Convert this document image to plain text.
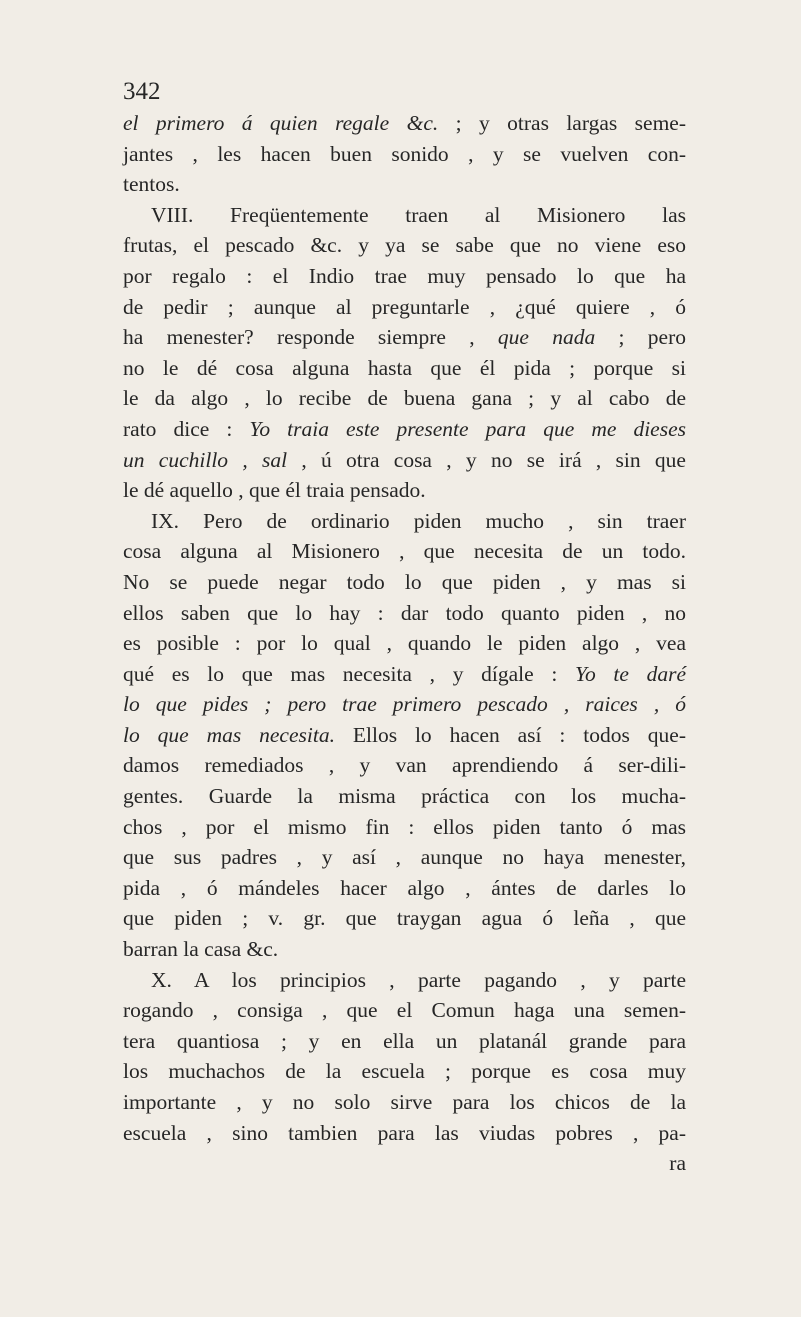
342
el primero á quien regale &c. ; y otras largas seme-
jantes , les hacen buen sonido , y se vuelven con-
tentos.
VIII. Freqüentemente traen al Misionero las
frutas, el pescado &c. y ya se sabe que no viene eso
por regalo : el Indio trae muy pensado lo que ha
de pedir ; aunque al preguntarle , ¿qué quiere , ó
ha menester? responde siempre , que nada ; pero
no le dé cosa alguna hasta que él pida ; porque si
le da algo , lo recibe de buena gana ; y al cabo de
rato dice : Yo traia este presente para que me dieses
un cuchillo , sal , ú otra cosa , y no se irá , sin que
le dé aquello , que él traia pensado.
IX. Pero de ordinario piden mucho , sin traer
cosa alguna al Misionero , que necesita de un todo.
No se puede negar todo lo que piden , y mas si
ellos saben que lo hay : dar todo quanto piden , no
es posible : por lo qual , quando le piden algo , vea
qué es lo que mas necesita , y dígale : Yo te daré
lo que pides ; pero trae primero pescado , raices , ó
lo que mas necesita. Ellos lo hacen así : todos que-
damos remediados , y van aprendiendo á ser-dili-
gentes. Guarde la misma práctica con los mucha-
chos , por el mismo fin : ellos piden tanto ó mas
que sus padres , y así , aunque no haya menester,
pida , ó mándeles hacer algo , ántes de darles lo
que piden ; v. gr. que traygan agua ó leña , que
barran la casa &c.
X. A los principios , parte pagando , y parte
rogando , consiga , que el Comun haga una semen-
tera quantiosa ; y en ella un platanál grande para
los muchachos de la escuela ; porque es cosa muy
importante , y no solo sirve para los chicos de la
escuela , sino tambien para las viudas pobres , pa-
ra
